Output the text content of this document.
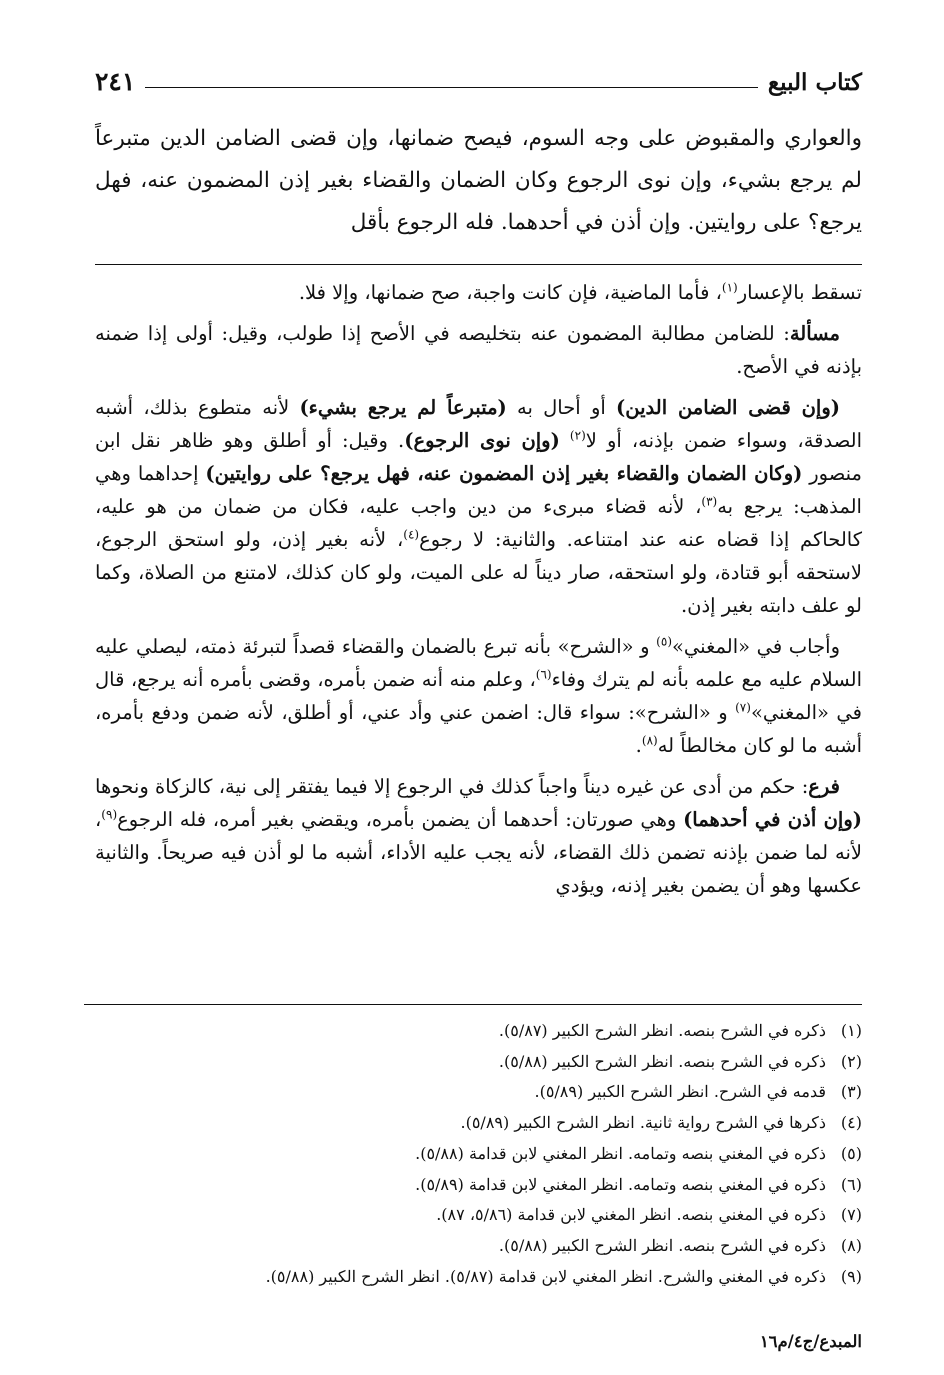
كتاب البيع
٢٤١

والعواري والمقبوض على وجه السوم، فيصح ضمانها، وإن قضى الضامن الدين متبرعاً لم يرجع بشيء، وإن نوى الرجوع وكان الضمان والقضاء بغير إذن المضمون عنه، فهل يرجع؟ على روايتين. وإن أذن في أحدهما. فله الرجوع بأقل

تسقط بالإعسار$^{(١)}$، فأما الماضية، فإن كانت واجبة، صح ضمانها، وإلا فلا.

مسألة: للضامن مطالبة المضمون عنه بتخليصه في الأصح إذا طولب، وقيل: أولى إذا ضمنه بإذنه في الأصح.

(وإن قضى الضامن الدين) أو أحال به (متبرعاً لم يرجع بشيء) لأنه متطوع بذلك، أشبه الصدقة، وسواء ضمن بإذنه، أو لا$^{(٢)}$ (وإن نوى الرجوع). وقيل: أو أطلق وهو ظاهر نقل ابن منصور (وكان الضمان والقضاء بغير إذن المضمون عنه، فهل يرجع؟ على روايتين) إحداهما وهي المذهب: يرجع به$^{(٣)}$، لأنه قضاء مبرىء من دين واجب عليه، فكان من ضمان من هو عليه، كالحاكم إذا قضاه عنه عند امتناعه. والثانية: لا رجوع$^{(٤)}$، لأنه بغير إذن، ولو استحق الرجوع، لاستحقه أبو قتادة، ولو استحقه، صار ديناً له على الميت، ولو كان كذلك، لامتنع من الصلاة، وكما لو علف دابته بغير إذن.

وأجاب في «المغني»$^{(٥)}$ و «الشرح» بأنه تبرع بالضمان والقضاء قصداً لتبرئة ذمته، ليصلي عليه السلام عليه مع علمه بأنه لم يترك وفاء$^{(٦)}$، وعلم منه أنه ضمن بأمره، وقضى بأمره أنه يرجع، قال في «المغني»$^{(٧)}$ و «الشرح»: سواء قال: اضمن عني وأد عني، أو أطلق، لأنه ضمن ودفع بأمره، أشبه ما لو كان مخالطاً له$^{(٨)}$.

فرع: حكم من أدى عن غيره ديناً واجباً كذلك في الرجوع إلا فيما يفتقر إلى نية، كالزكاة ونحوها (وإن أذن في أحدهما) وهي صورتان: أحدهما أن يضمن بأمره، ويقضي بغير أمره، فله الرجوع$^{(٩)}$، لأنه لما ضمن بإذنه تضمن ذلك القضاء، لأنه يجب عليه الأداء، أشبه ما لو أذن فيه صريحاً. والثانية عكسها وهو أن يضمن بغير إذنه، ويؤدي

(١)
ذكره في الشرح بنصه. انظر الشرح الكبير (٥/٨٧).
(٢)
ذكره في الشرح بنصه. انظر الشرح الكبير (٥/٨٨).
(٣)
قدمه في الشرح. انظر الشرح الكبير (٥/٨٩).
(٤)
ذكرها في الشرح رواية ثانية. انظر الشرح الكبير (٥/٨٩).
(٥)
ذكره في المغني بنصه وتمامه. انظر المغني لابن قدامة (٥/٨٨).
(٦)
ذكره في المغني بنصه وتمامه. انظر المغني لابن قدامة (٥/٨٩).
(٧)
ذكره في المغني بنصه. انظر المغني لابن قدامة (٥/٨٦، ٨٧).
(٨)
ذكره في الشرح بنصه. انظر الشرح الكبير (٥/٨٨).
(٩)
ذكره في المغني والشرح. انظر المغني لابن قدامة (٥/٨٧). انظر الشرح الكبير (٥/٨٨).
المبدع/ج٤/م١٦
